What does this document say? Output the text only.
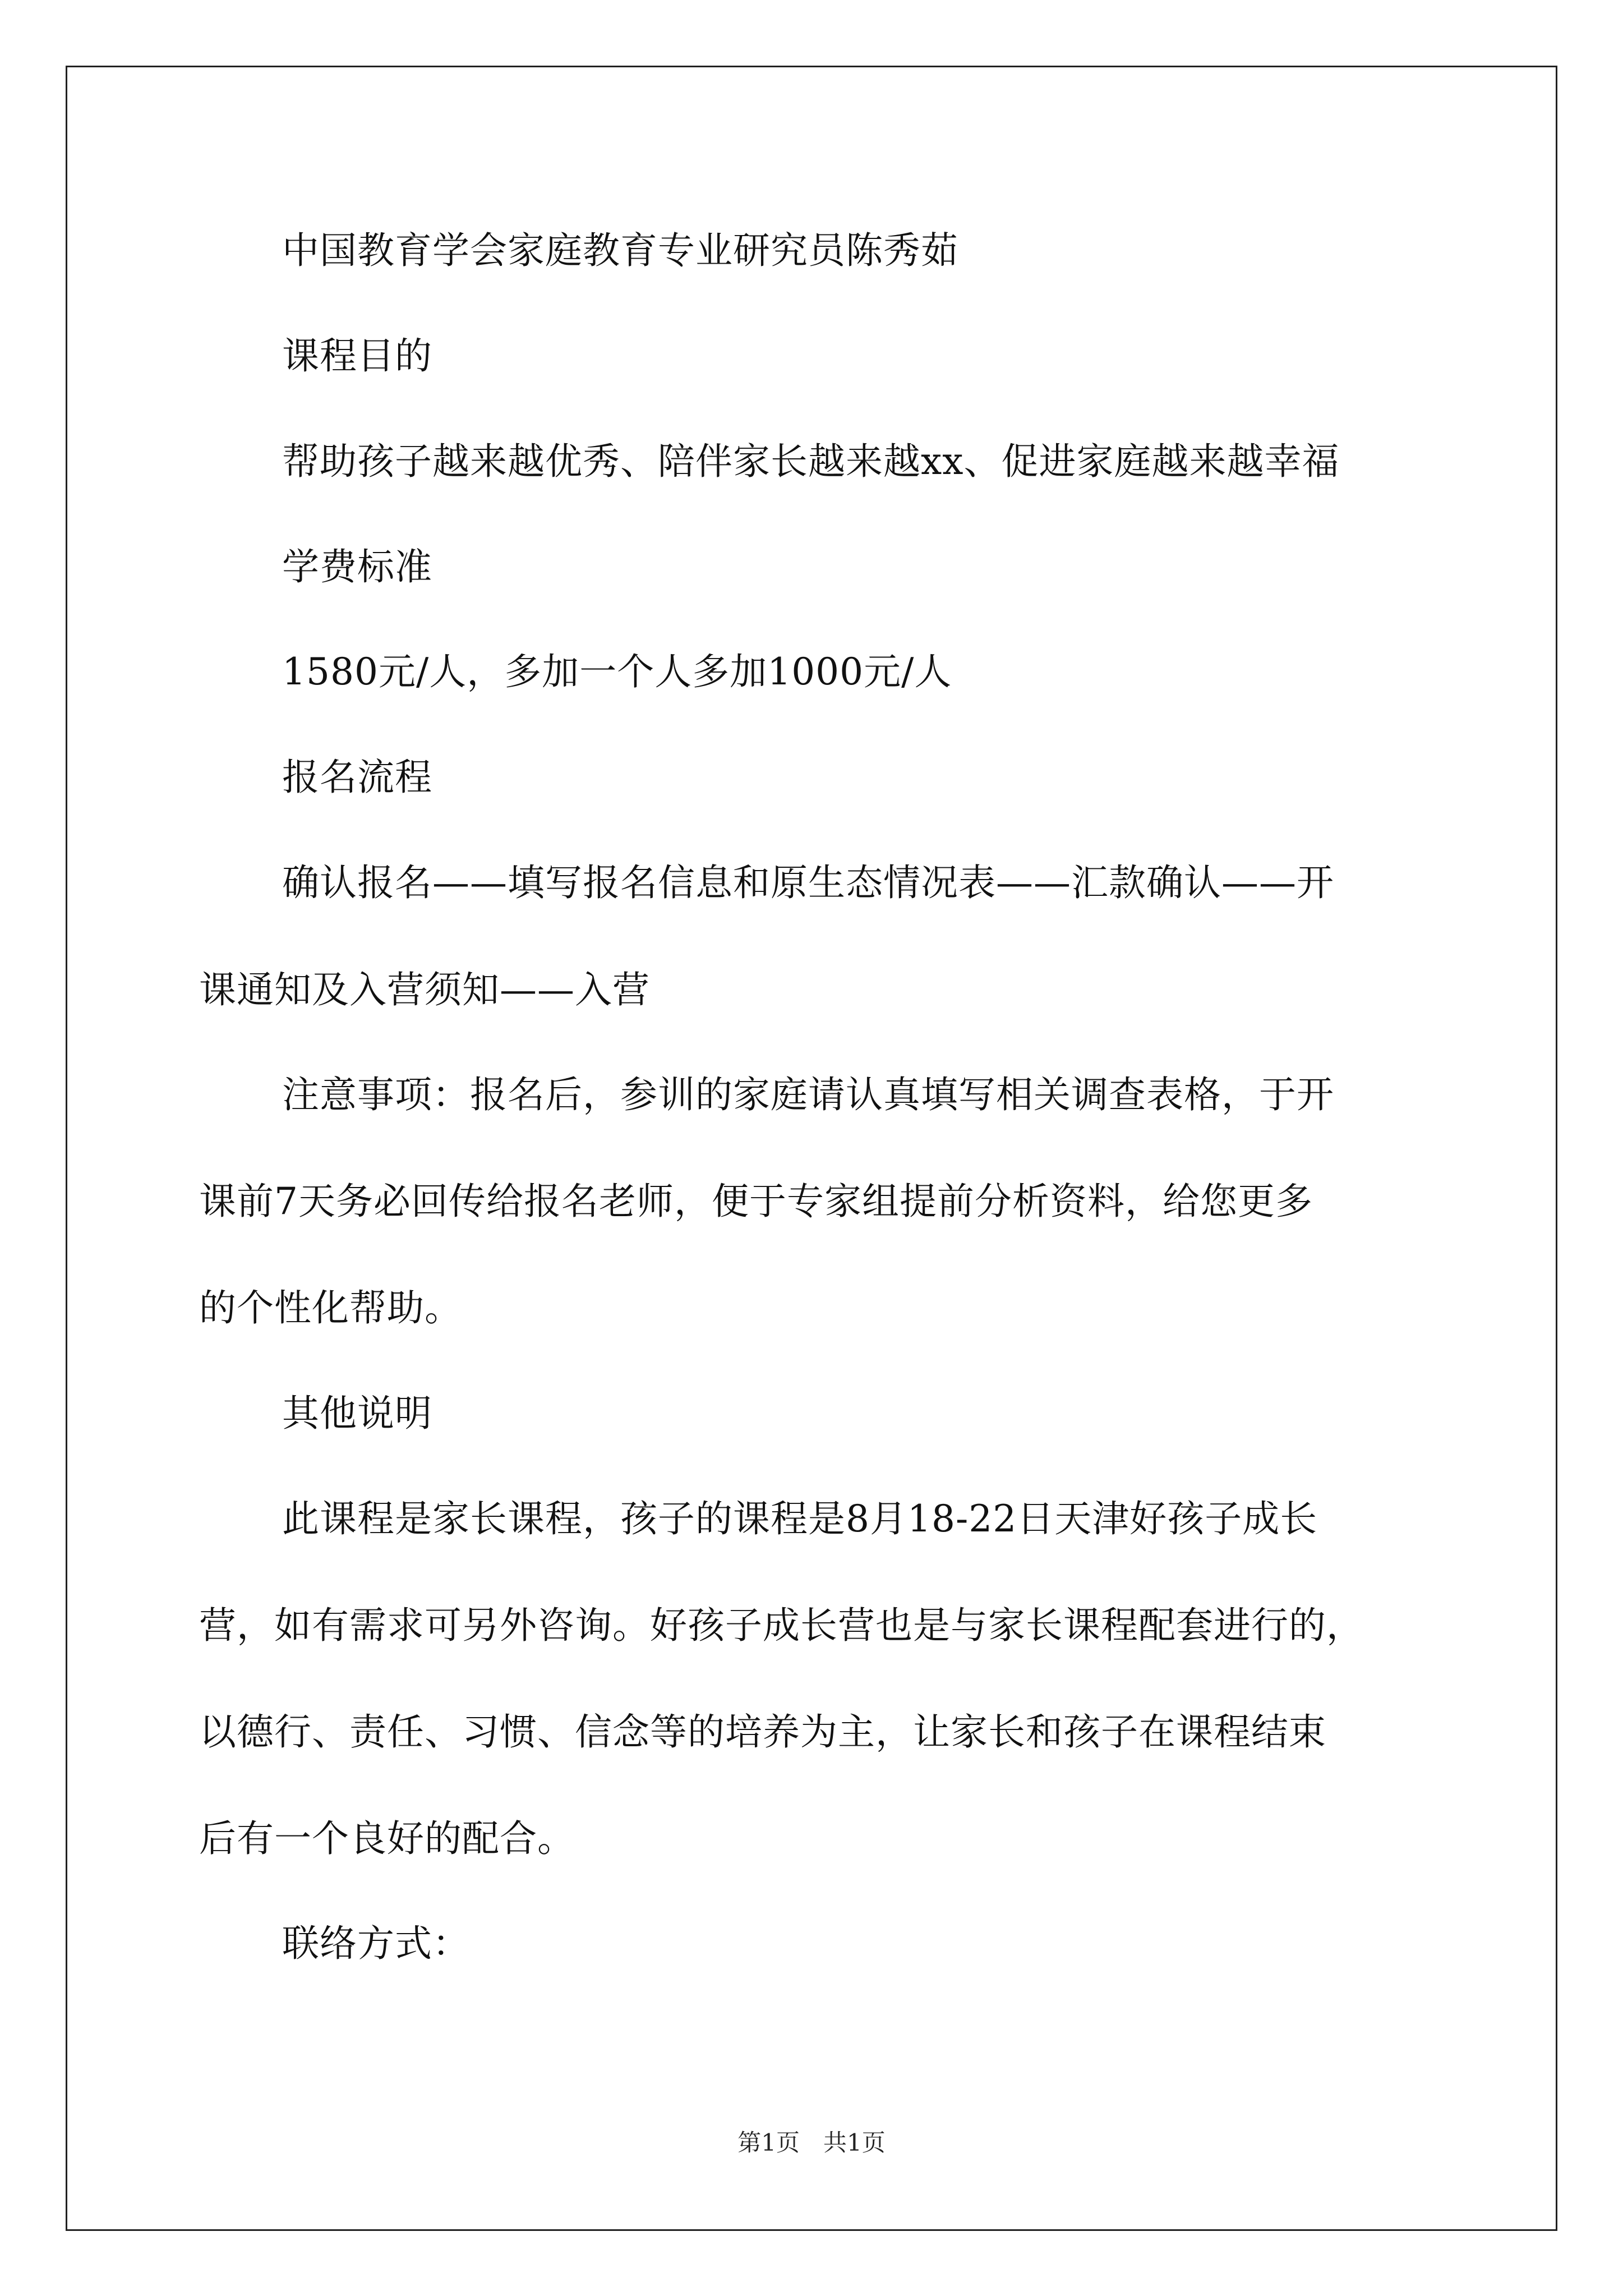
中国教育学会家庭教育专业研究员陈秀茹
课程目的
帮助孩子越来越优秀、陪伴家长越来越xx、促进家庭越来越幸福
学费标准
1580元/人，多加一个人多加1000元/人
报名流程
确认报名——填写报名信息和原生态情况表——汇款确认——开
课通知及入营须知——入营
注意事项：报名后，参训的家庭请认真填写相关调查表格，于开
课前7天务必回传给报名老师，便于专家组提前分析资料，给您更多
的个性化帮助。
其他说明
此课程是家长课程，孩子的课程是8月18-22日天津好孩子成长
营，如有需求可另外咨询。好孩子成长营也是与家长课程配套进行的，
以德行、责任、习惯、信念等的培养为主，让家长和孩子在课程结束
后有一个良好的配合。
联络方式：
第1页　共1页
